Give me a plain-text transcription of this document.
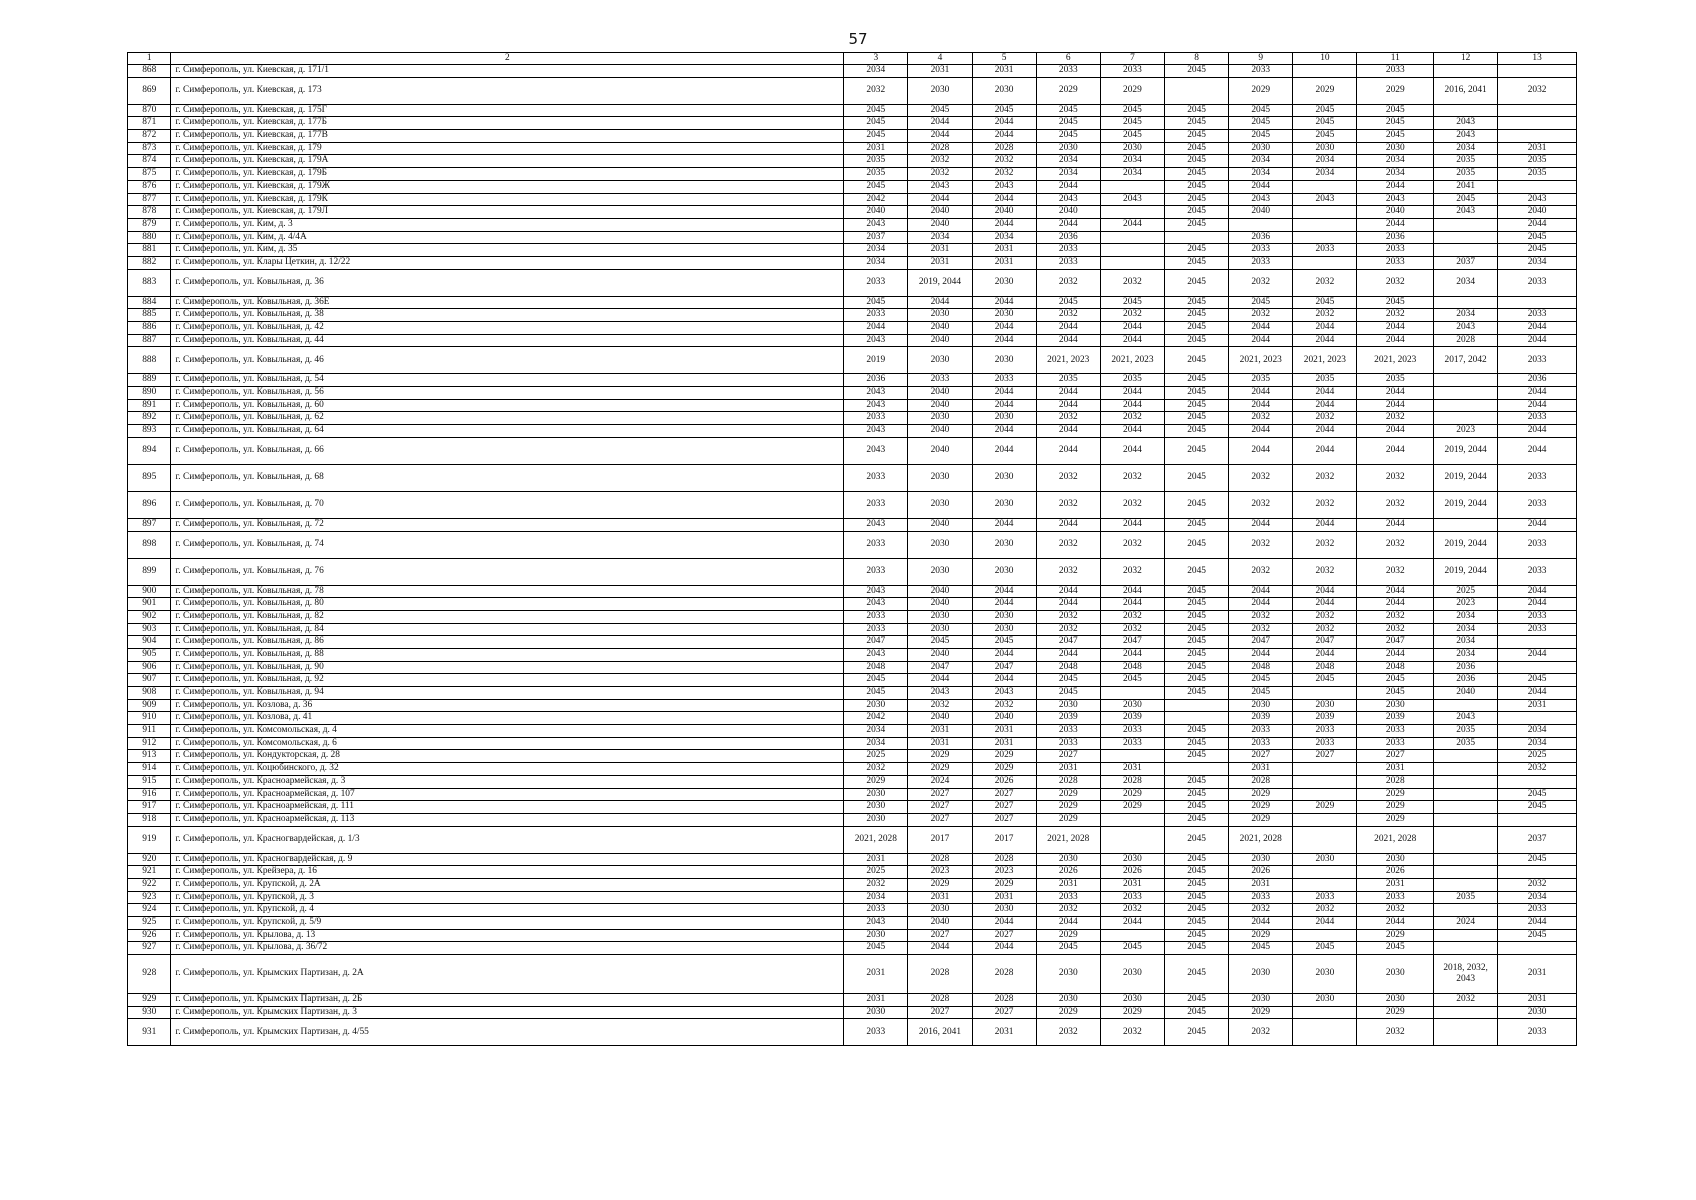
57
1	2	3	4	5	6	7	8	9	10	11	12	13
868	г. Симферополь, ул. Киевская, д. 171/1	2034	2031	2031	2033	2033	2045	2033		2033		
869	г. Симферополь, ул. Киевская, д. 173	2032	2030	2030	2029	2029		2029	2029	2029	2016, 2041	2032
870	г. Симферополь, ул. Киевская, д. 175Г	2045	2045	2045	2045	2045	2045	2045	2045	2045		
871	г. Симферополь, ул. Киевская, д. 177Б	2045	2044	2044	2045	2045	2045	2045	2045	2045	2043	
872	г. Симферополь, ул. Киевская, д. 177В	2045	2044	2044	2045	2045	2045	2045	2045	2045	2043	
873	г. Симферополь, ул. Киевская, д. 179	2031	2028	2028	2030	2030	2045	2030	2030	2030	2034	2031
874	г. Симферополь, ул. Киевская, д. 179А	2035	2032	2032	2034	2034	2045	2034	2034	2034	2035	2035
875	г. Симферополь, ул. Киевская, д. 179Б	2035	2032	2032	2034	2034	2045	2034	2034	2034	2035	2035
876	г. Симферополь, ул. Киевская, д. 179Ж	2045	2043	2043	2044		2045	2044		2044	2041	
877	г. Симферополь, ул. Киевская, д. 179К	2042	2044	2044	2043	2043	2045	2043	2043	2043	2045	2043
878	г. Симферополь, ул. Киевская, д. 179Л	2040	2040	2040	2040		2045	2040		2040	2043	2040
879	г. Симферополь, ул. Ким, д. 3	2043	2040	2044	2044	2044	2045			2044		2044
880	г. Симферополь, ул. Ким, д. 4/4А	2037	2034	2034	2036			2036		2036		2045
881	г. Симферополь, ул. Ким, д. 35	2034	2031	2031	2033		2045	2033	2033	2033		2045
882	г. Симферополь, ул. Клары Цеткин, д. 12/22	2034	2031	2031	2033		2045	2033		2033	2037	2034
883	г. Симферополь, ул. Ковыльная, д. 36	2033	2019, 2044	2030	2032	2032	2045	2032	2032	2032	2034	2033
884	г. Симферополь, ул. Ковыльная, д. 36Е	2045	2044	2044	2045	2045	2045	2045	2045	2045		
885	г. Симферополь, ул. Ковыльная, д. 38	2033	2030	2030	2032	2032	2045	2032	2032	2032	2034	2033
886	г. Симферополь, ул. Ковыльная, д. 42	2044	2040	2044	2044	2044	2045	2044	2044	2044	2043	2044
887	г. Симферополь, ул. Ковыльная, д. 44	2043	2040	2044	2044	2044	2045	2044	2044	2044	2028	2044
888	г. Симферополь, ул. Ковыльная, д. 46	2019	2030	2030	2021, 2023	2021, 2023	2045	2021, 2023	2021, 2023	2021, 2023	2017, 2042	2033
889	г. Симферополь, ул. Ковыльная, д. 54	2036	2033	2033	2035	2035	2045	2035	2035	2035		2036
890	г. Симферополь, ул. Ковыльная, д. 56	2043	2040	2044	2044	2044	2045	2044	2044	2044		2044
891	г. Симферополь, ул. Ковыльная, д. 60	2043	2040	2044	2044	2044	2045	2044	2044	2044		2044
892	г. Симферополь, ул. Ковыльная, д. 62	2033	2030	2030	2032	2032	2045	2032	2032	2032		2033
893	г. Симферополь, ул. Ковыльная, д. 64	2043	2040	2044	2044	2044	2045	2044	2044	2044	2023	2044
894	г. Симферополь, ул. Ковыльная, д. 66	2043	2040	2044	2044	2044	2045	2044	2044	2044	2019, 2044	2044
895	г. Симферополь, ул. Ковыльная, д. 68	2033	2030	2030	2032	2032	2045	2032	2032	2032	2019, 2044	2033
896	г. Симферополь, ул. Ковыльная, д. 70	2033	2030	2030	2032	2032	2045	2032	2032	2032	2019, 2044	2033
897	г. Симферополь, ул. Ковыльная, д. 72	2043	2040	2044	2044	2044	2045	2044	2044	2044		2044
898	г. Симферополь, ул. Ковыльная, д. 74	2033	2030	2030	2032	2032	2045	2032	2032	2032	2019, 2044	2033
899	г. Симферополь, ул. Ковыльная, д. 76	2033	2030	2030	2032	2032	2045	2032	2032	2032	2019, 2044	2033
900	г. Симферополь, ул. Ковыльная, д. 78	2043	2040	2044	2044	2044	2045	2044	2044	2044	2025	2044
901	г. Симферополь, ул. Ковыльная, д. 80	2043	2040	2044	2044	2044	2045	2044	2044	2044	2023	2044
902	г. Симферополь, ул. Ковыльная, д. 82	2033	2030	2030	2032	2032	2045	2032	2032	2032	2034	2033
903	г. Симферополь, ул. Ковыльная, д. 84	2033	2030	2030	2032	2032	2045	2032	2032	2032	2034	2033
904	г. Симферополь, ул. Ковыльная, д. 86	2047	2045	2045	2047	2047	2045	2047	2047	2047	2034	
905	г. Симферополь, ул. Ковыльная, д. 88	2043	2040	2044	2044	2044	2045	2044	2044	2044	2034	2044
906	г. Симферополь, ул. Ковыльная, д. 90	2048	2047	2047	2048	2048	2045	2048	2048	2048	2036	
907	г. Симферополь, ул. Ковыльная, д. 92	2045	2044	2044	2045	2045	2045	2045	2045	2045	2036	2045
908	г. Симферополь, ул. Ковыльная, д. 94	2045	2043	2043	2045		2045	2045		2045	2040	2044
909	г. Симферополь, ул. Козлова, д. 36	2030	2032	2032	2030	2030		2030	2030	2030		2031
910	г. Симферополь, ул. Козлова, д. 41	2042	2040	2040	2039	2039		2039	2039	2039	2043	
911	г. Симферополь, ул. Комсомольская, д. 4	2034	2031	2031	2033	2033	2045	2033	2033	2033	2035	2034
912	г. Симферополь, ул. Комсомольская, д. 6	2034	2031	2031	2033	2033	2045	2033	2033	2033	2035	2034
913	г. Симферополь, ул. Кондукторская, д. 28	2025	2029	2029	2027		2045	2027	2027	2027		2025
914	г. Симферополь, ул. Коцюбинского, д. 32	2032	2029	2029	2031	2031		2031		2031		2032
915	г. Симферополь, ул. Красноармейская, д. 3	2029	2024	2026	2028	2028	2045	2028		2028		
916	г. Симферополь, ул. Красноармейская, д. 107	2030	2027	2027	2029	2029	2045	2029		2029		2045
917	г. Симферополь, ул. Красноармейская, д. 111	2030	2027	2027	2029	2029	2045	2029	2029	2029		2045
918	г. Симферополь, ул. Красноармейская, д. 113	2030	2027	2027	2029		2045	2029		2029		
919	г. Симферополь, ул. Красногвардейская, д. 1/3	2021, 2028	2017	2017	2021, 2028		2045	2021, 2028		2021, 2028		2037
920	г. Симферополь, ул. Красногвардейская, д. 9	2031	2028	2028	2030	2030	2045	2030	2030	2030		2045
921	г. Симферополь, ул. Крейзера, д. 16	2025	2023	2023	2026	2026	2045	2026		2026		
922	г. Симферополь, ул. Крупской, д. 2А	2032	2029	2029	2031	2031	2045	2031		2031		2032
923	г. Симферополь, ул. Крупской, д. 3	2034	2031	2031	2033	2033	2045	2033	2033	2033	2035	2034
924	г. Симферополь, ул. Крупской, д. 4	2033	2030	2030	2032	2032	2045	2032	2032	2032		2033
925	г. Симферополь, ул. Крупской, д. 5/9	2043	2040	2044	2044	2044	2045	2044	2044	2044	2024	2044
926	г. Симферополь, ул. Крылова, д. 13	2030	2027	2027	2029		2045	2029		2029		2045
927	г. Симферополь, ул. Крылова, д. 36/72	2045	2044	2044	2045	2045	2045	2045	2045	2045		
928	г. Симферополь, ул. Крымских Партизан, д. 2А	2031	2028	2028	2030	2030	2045	2030	2030	2030	2018, 2032, 2043	2031
929	г. Симферополь, ул. Крымских Партизан, д. 2Б	2031	2028	2028	2030	2030	2045	2030	2030	2030	2032	2031
930	г. Симферополь, ул. Крымских Партизан, д. 3	2030	2027	2027	2029	2029	2045	2029		2029		2030
931	г. Симферополь, ул. Крымских Партизан, д. 4/55	2033	2016, 2041	2031	2032	2032	2045	2032		2032		2033
